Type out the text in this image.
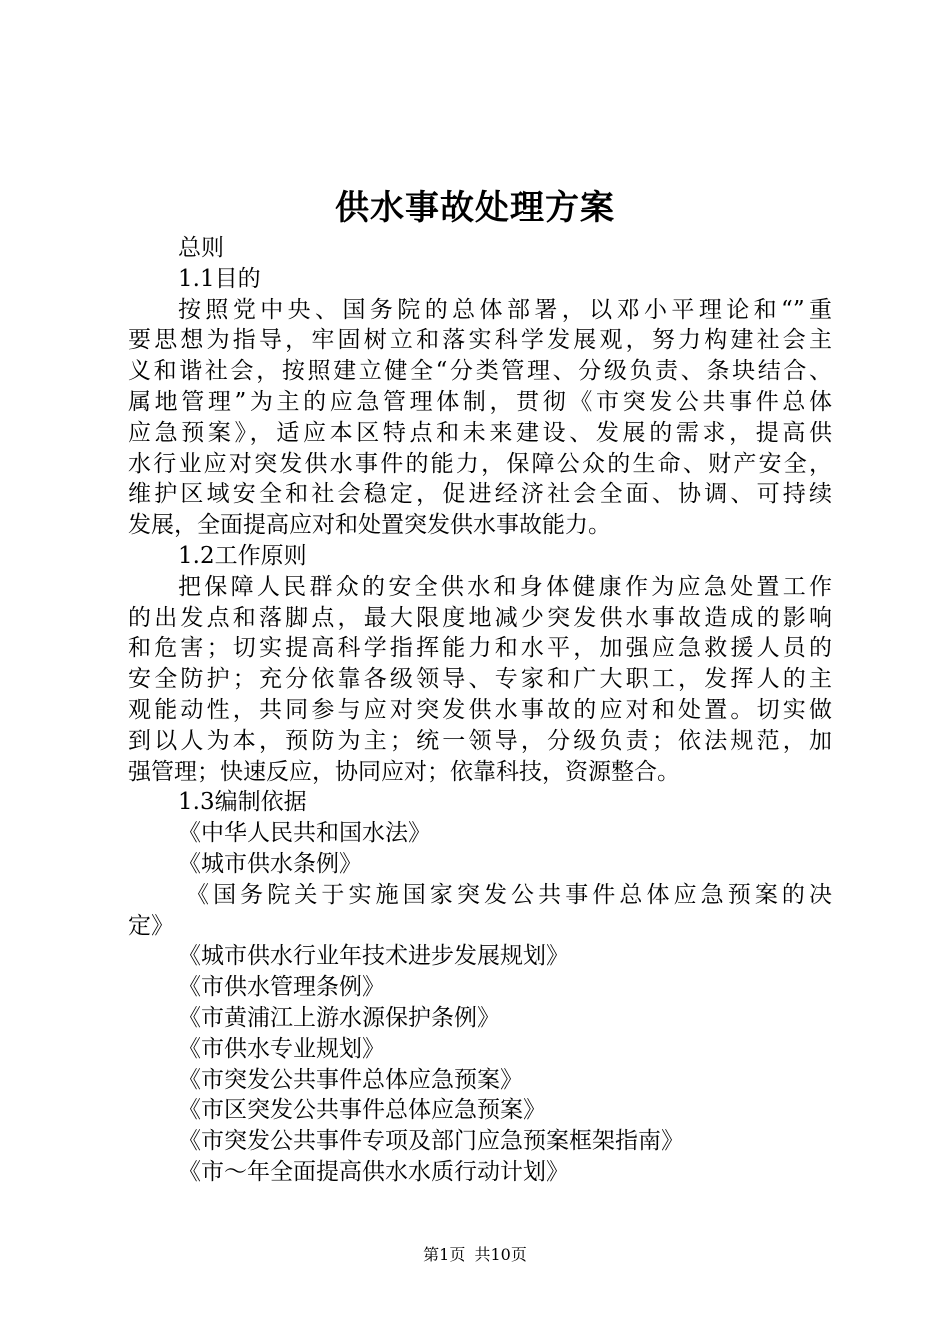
供水事故处理方案
总则
1.1目的
按照党中央、国务院的总体部署，以邓小平理论和“”重
要思想为指导，牢固树立和落实科学发展观，努力构建社会主
义和谐社会，按照建立健全“分类管理、分级负责、条块结合、
属地管理”为主的应急管理体制，贯彻《市突发公共事件总体
应急预案》，适应本区特点和未来建设、发展的需求，提高供
水行业应对突发供水事件的能力，保障公众的生命、财产安全，
维护区域安全和社会稳定，促进经济社会全面、协调、可持续
发展，全面提高应对和处置突发供水事故能力。
1.2工作原则
把保障人民群众的安全供水和身体健康作为应急处置工作
的出发点和落脚点，最大限度地减少突发供水事故造成的影响
和危害；切实提高科学指挥能力和水平，加强应急救援人员的
安全防护；充分依靠各级领导、专家和广大职工，发挥人的主
观能动性，共同参与应对突发供水事故的应对和处置。切实做
到以人为本，预防为主；统一领导，分级负责；依法规范，加
强管理；快速反应，协同应对；依靠科技，资源整合。
1.3编制依据
《中华人民共和国水法》
《城市供水条例》
《国务院关于实施国家突发公共事件总体应急预案的决
定》
《城市供水行业年技术进步发展规划》
《市供水管理条例》
《市黄浦江上游水源保护条例》
《市供水专业规划》
《市突发公共事件总体应急预案》
《市区突发公共事件总体应急预案》
《市突发公共事件专项及部门应急预案框架指南》
《市～年全面提高供水水质行动计划》
第1页 共10页
